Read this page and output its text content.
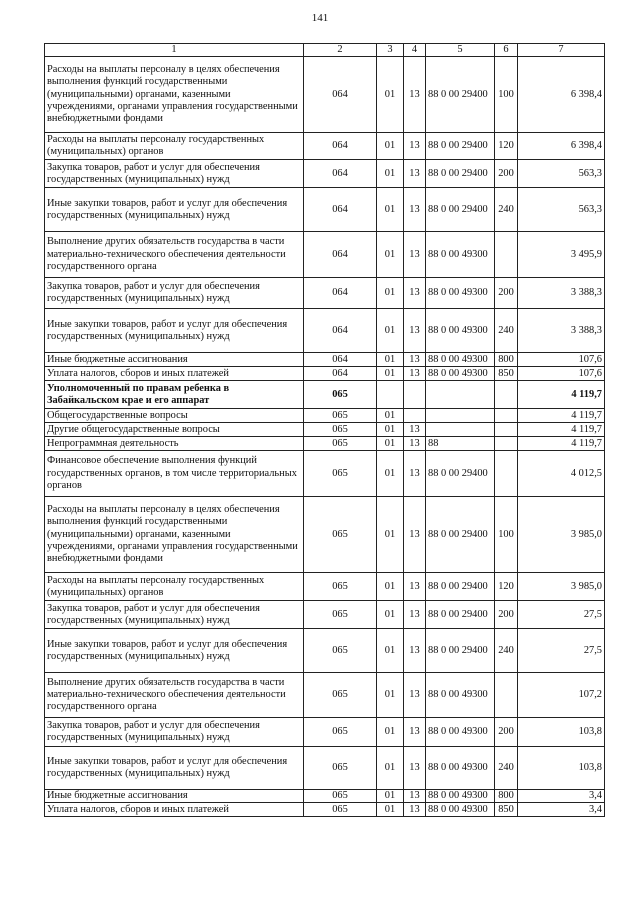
141
1	2	3	4	5	6	7
Расходы на выплаты персоналу в целях обеспечения выполнения функций государственными (муниципальными) органами, казенными учреждениями, органами управления государственными внебюджетными фондами	064	01	13	88 0 00 29400	100	6 398,4
Расходы на выплаты персоналу государственных (муниципальных) органов	064	01	13	88 0 00 29400	120	6 398,4
Закупка товаров, работ и услуг для обеспечения государственных (муниципальных) нужд	064	01	13	88 0 00 29400	200	563,3
Иные закупки товаров, работ и услуг для обеспечения государственных (муниципальных) нужд	064	01	13	88 0 00 29400	240	563,3
Выполнение других обязательств государства в части материально-технического обеспечения деятельности государственного органа	064	01	13	88 0 00 49300		3 495,9
Закупка товаров, работ и услуг для обеспечения государственных (муниципальных) нужд	064	01	13	88 0 00 49300	200	3 388,3
Иные закупки товаров, работ и услуг для обеспечения государственных (муниципальных) нужд	064	01	13	88 0 00 49300	240	3 388,3
Иные бюджетные ассигнования	064	01	13	88 0 00 49300	800	107,6
Уплата налогов, сборов и иных платежей	064	01	13	88 0 00 49300	850	107,6
Уполномоченный по правам ребенка в Забайкальском крае и его аппарат	065					4 119,7
Общегосударственные вопросы	065	01				4 119,7
Другие общегосударственные вопросы	065	01	13			4 119,7
Непрограммная деятельность	065	01	13	88		4 119,7
Финансовое обеспечение выполнения функций государственных органов, в том числе территориальных органов	065	01	13	88 0 00 29400		4 012,5
Расходы на выплаты персоналу в целях обеспечения выполнения функций государственными (муниципальными) органами, казенными учреждениями, органами управления государственными внебюджетными фондами	065	01	13	88 0 00 29400	100	3 985,0
Расходы на выплаты персоналу государственных (муниципальных) органов	065	01	13	88 0 00 29400	120	3 985,0
Закупка товаров, работ и услуг для обеспечения государственных (муниципальных) нужд	065	01	13	88 0 00 29400	200	27,5
Иные закупки товаров, работ и услуг для обеспечения государственных (муниципальных) нужд	065	01	13	88 0 00 29400	240	27,5
Выполнение других обязательств государства в части материально-технического обеспечения деятельности государственного органа	065	01	13	88 0 00 49300		107,2
Закупка товаров, работ и услуг для обеспечения государственных (муниципальных) нужд	065	01	13	88 0 00 49300	200	103,8
Иные закупки товаров, работ и услуг для обеспечения государственных (муниципальных) нужд	065	01	13	88 0 00 49300	240	103,8
Иные бюджетные ассигнования	065	01	13	88 0 00 49300	800	3,4
Уплата налогов, сборов и иных платежей	065	01	13	88 0 00 49300	850	3,4
